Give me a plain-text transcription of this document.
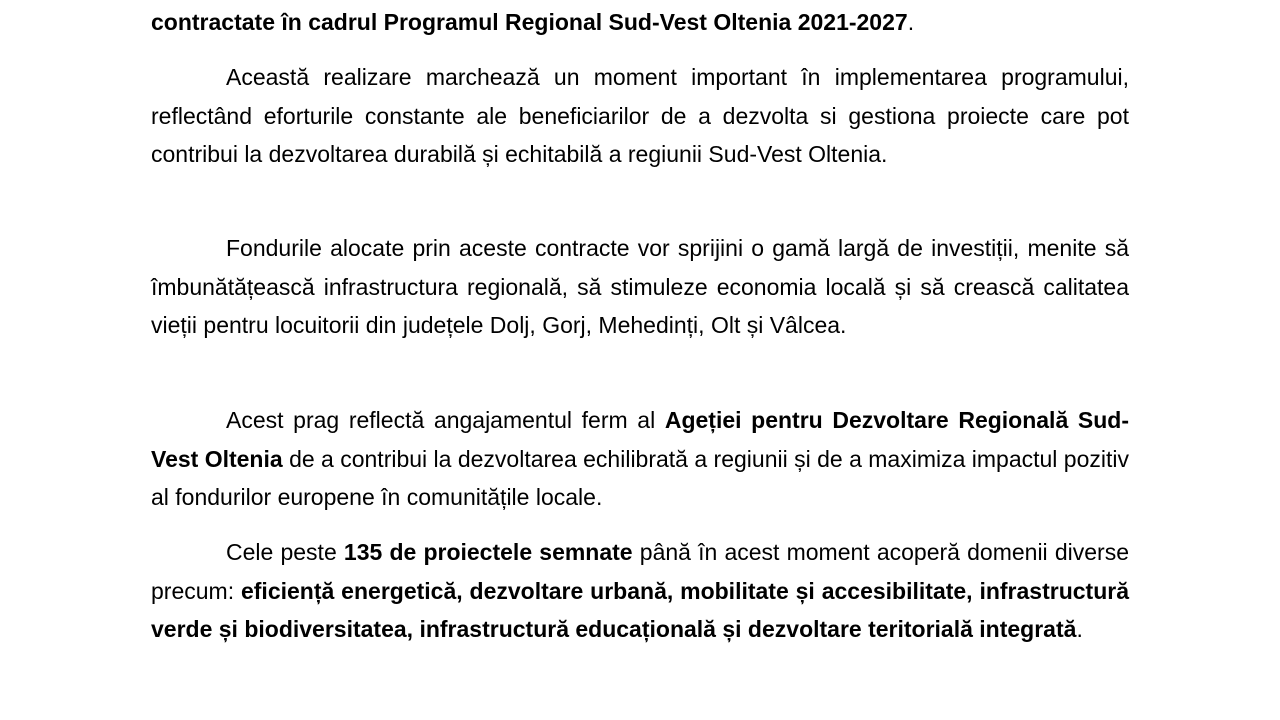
contractate în cadrul Programul Regional Sud-Vest Oltenia 2021-2027.

Această realizare marchează un moment important în implementarea programului, reflectând eforturile constante ale beneficiarilor de a dezvolta si gestiona proiecte care pot contribui la dezvoltarea durabilă și echitabilă a regiunii Sud-Vest Oltenia.

Fondurile alocate prin aceste contracte vor sprijini o gamă largă de investiții, menite să îmbunătățească infrastructura regională, să stimuleze economia locală și să crească calitatea vieții pentru locuitorii din județele Dolj, Gorj, Mehedinți, Olt și Vâlcea.

Acest prag reflectă angajamentul ferm al Ageției pentru Dezvoltare Regională Sud-Vest Oltenia de a contribui la dezvoltarea echilibrată a regiunii și de a maximiza impactul pozitiv al fondurilor europene în comunitățile locale.

Cele peste 135 de proiectele semnate până în acest moment acoperă domenii diverse precum: eficiență energetică, dezvoltare urbană, mobilitate și accesibilitate, infrastructură verde și biodiversitatea, infrastructură educațională și dezvoltare teritorială integrată.
